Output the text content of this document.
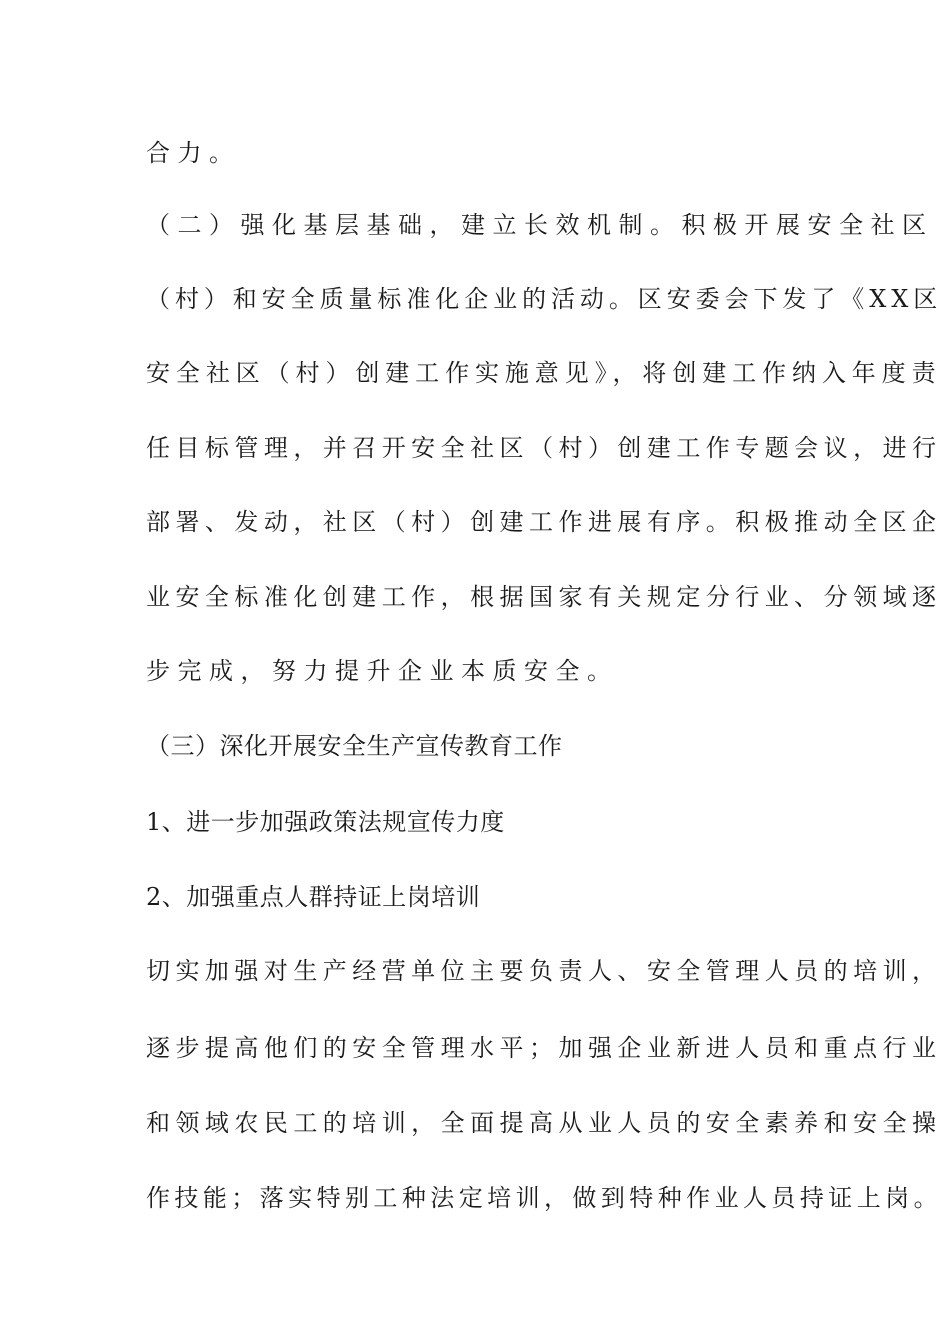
合力。
（二）强化基层基础，建立长效机制。积极开展安全社区
（村）和安全质量标准化企业的活动。区安委会下发了《XX区
安全社区（村）创建工作实施意见》，将创建工作纳入年度责
任目标管理，并召开安全社区（村）创建工作专题会议，进行
部署、发动，社区（村）创建工作进展有序。积极推动全区企
业安全标准化创建工作，根据国家有关规定分行业、分领域逐
步完成，努力提升企业本质安全。
（三）深化开展安全生产宣传教育工作
1、进一步加强政策法规宣传力度
2、加强重点人群持证上岗培训
切实加强对生产经营单位主要负责人、安全管理人员的培训，
逐步提高他们的安全管理水平；加强企业新进人员和重点行业
和领域农民工的培训，全面提高从业人员的安全素养和安全操
作技能；落实特别工种法定培训，做到特种作业人员持证上岗。
